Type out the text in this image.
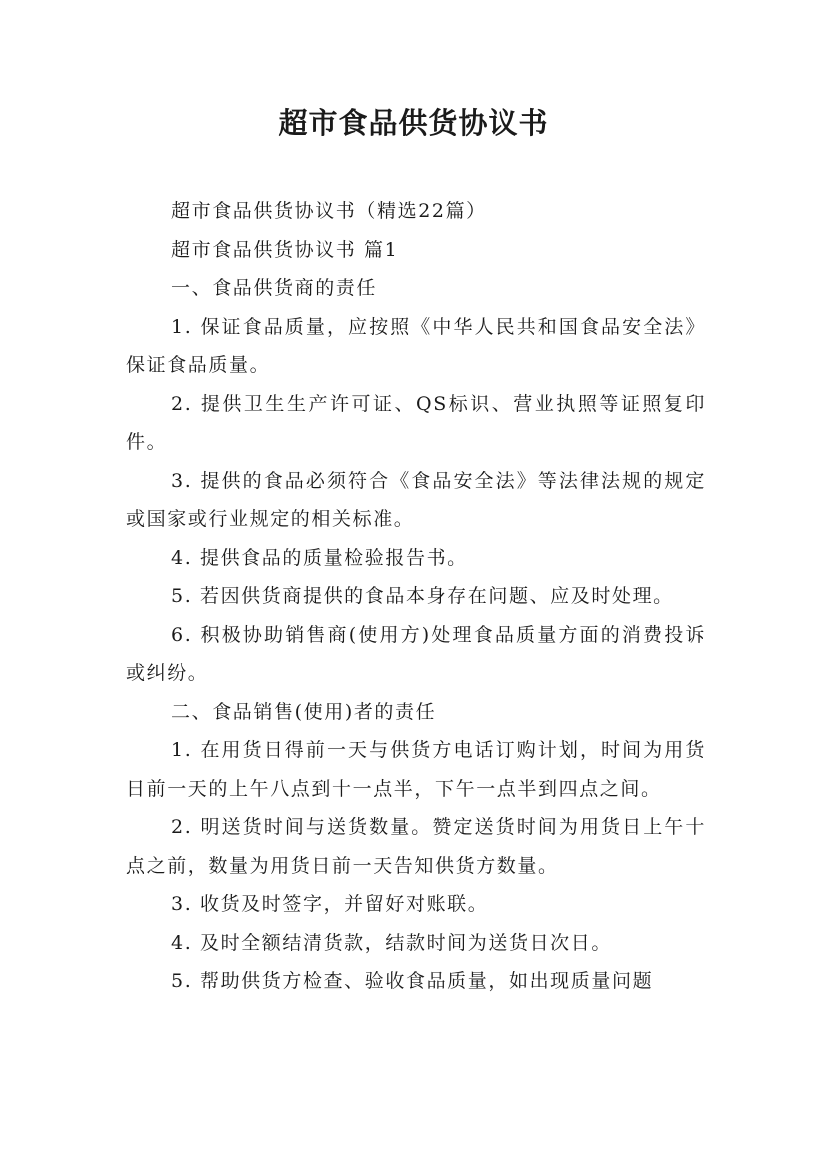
超市食品供货协议书

超市食品供货协议书（精选22篇）

超市食品供货协议书 篇1

一、食品供货商的责任

1. 保证食品质量，应按照《中华人民共和国食品安全法》保证食品质量。

2. 提供卫生生产许可证、QS标识、营业执照等证照复印件。

3. 提供的食品必须符合《食品安全法》等法律法规的规定或国家或行业规定的相关标准。

4. 提供食品的质量检验报告书。

5. 若因供货商提供的食品本身存在问题、应及时处理。

6. 积极协助销售商(使用方)处理食品质量方面的消费投诉或纠纷。

二、食品销售(使用)者的责任

1. 在用货日得前一天与供货方电话订购计划，时间为用货日前一天的上午八点到十一点半，下午一点半到四点之间。

2. 明送货时间与送货数量。赞定送货时间为用货日上午十点之前，数量为用货日前一天告知供货方数量。

3. 收货及时签字，并留好对账联。

4. 及时全额结清货款，结款时间为送货日次日。

5. 帮助供货方检查、验收食品质量，如出现质量问题
